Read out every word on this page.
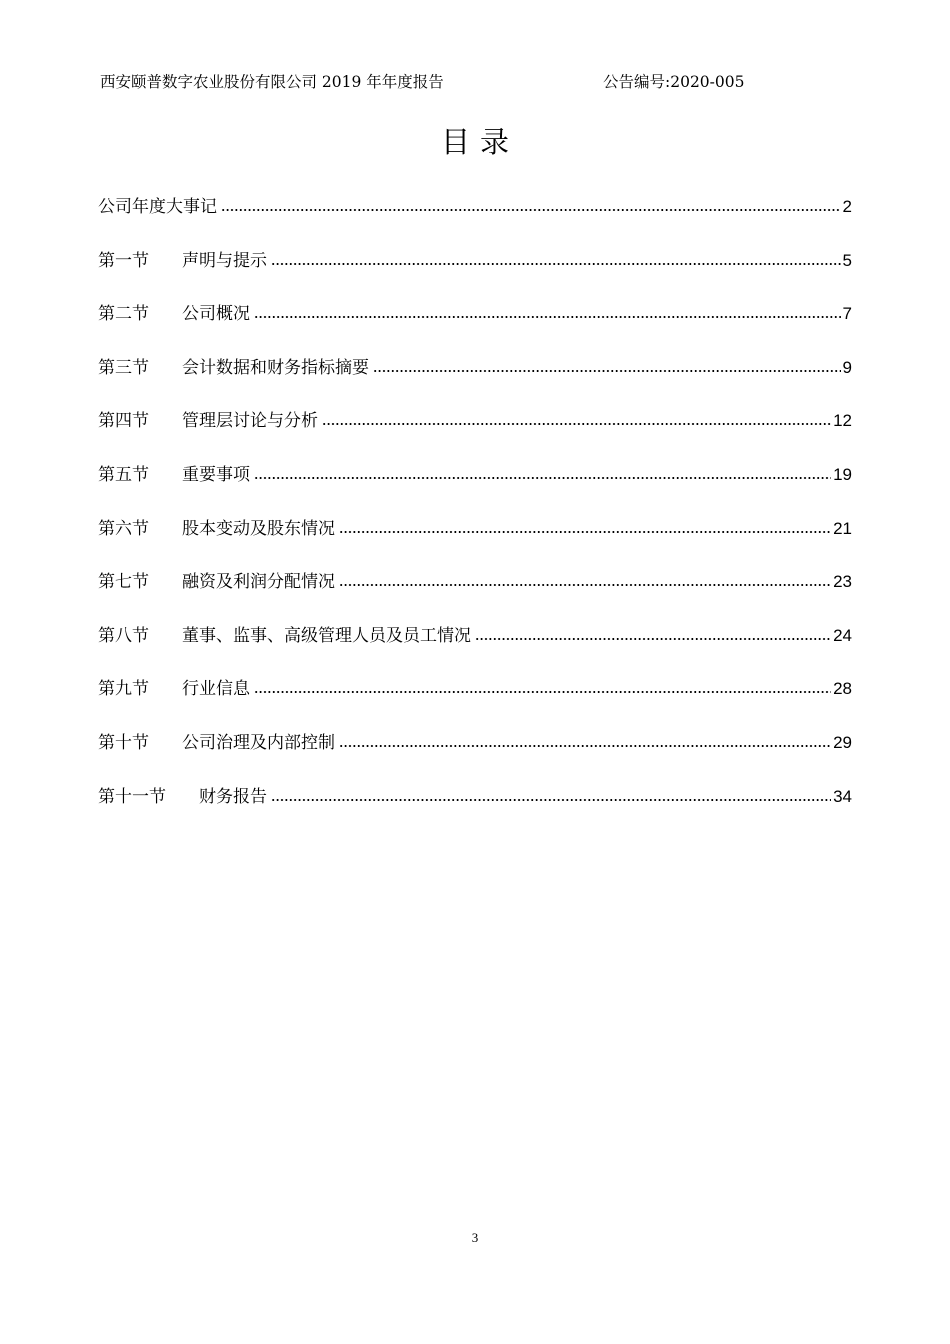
西安颐普数字农业股份有限公司 2019 年年度报告	公告编号:2020-005
目录
公司年度大事记	2
第一节	声明与提示	5
第二节	公司概况	7
第三节	会计数据和财务指标摘要	9
第四节	管理层讨论与分析	12
第五节	重要事项	19
第六节	股本变动及股东情况	21
第七节	融资及利润分配情况	23
第八节	董事、监事、高级管理人员及员工情况	24
第九节	行业信息	28
第十节	公司治理及内部控制	29
第十一节	财务报告	34
3
